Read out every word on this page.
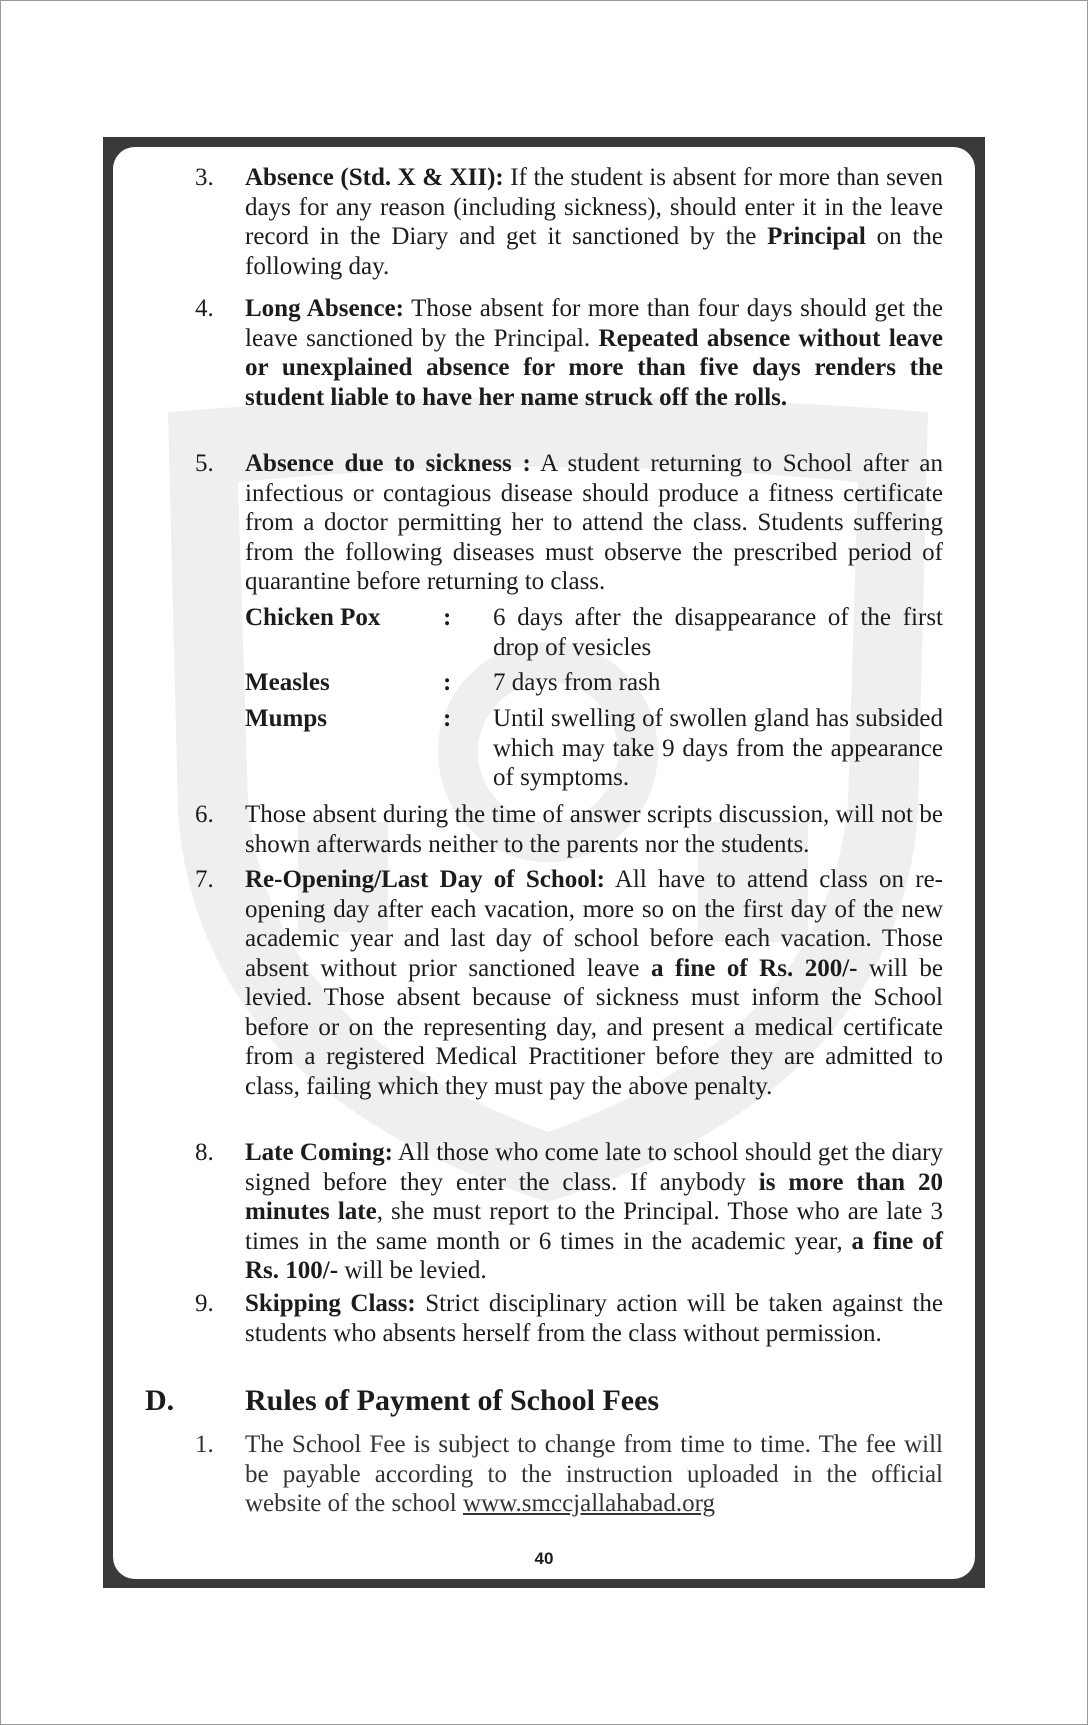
3. Absence (Std. X & XII): If the student is absent for more than seven days for any reason (including sickness), should enter it in the leave record in the Diary and get it sanctioned by the Principal on the following day.
4. Long Absence: Those absent for more than four days should get the leave sanctioned by the Principal. Repeated absence without leave or unexplained absence for more than five days renders the student liable to have her name struck off the rolls.
5. Absence due to sickness : A student returning to School after an infectious or contagious disease should produce a fitness certificate from a doctor permitting her to attend the class. Students suffering from the following diseases must observe the prescribed period of quarantine before returning to class.
Chicken Pox	: 6 days after the disappearance of the first drop of vesicles
Measles	: 7 days from rash
Mumps	: Until swelling of swollen gland has subsided which may take 9 days from the appearance of symptoms.
6. Those absent during the time of answer scripts discussion, will not be shown afterwards neither to the parents nor the students.
7. Re-Opening/Last Day of School: All have to attend class on re-opening day after each vacation, more so on the first day of the new academic year and last day of school before each vacation. Those absent without prior sanctioned leave a fine of Rs. 200/- will be levied. Those absent because of sickness must inform the School before or on the representing day, and present a medical certificate from a registered Medical Practitioner before they are admitted to class, failing which they must pay the above penalty.
8. Late Coming: All those who come late to school should get the diary signed before they enter the class. If anybody is more than 20 minutes late, she must report to the Principal. Those who are late 3 times in the same month or 6 times in the academic year, a fine of Rs. 100/- will be levied.
9. Skipping Class: Strict disciplinary action will be taken against the students who absents herself from the class without permission.
D. Rules of Payment of School Fees
1. The School Fee is subject to change from time to time. The fee will be payable according to the instruction uploaded in the official website of the school www.smccjallahabad.org
40
